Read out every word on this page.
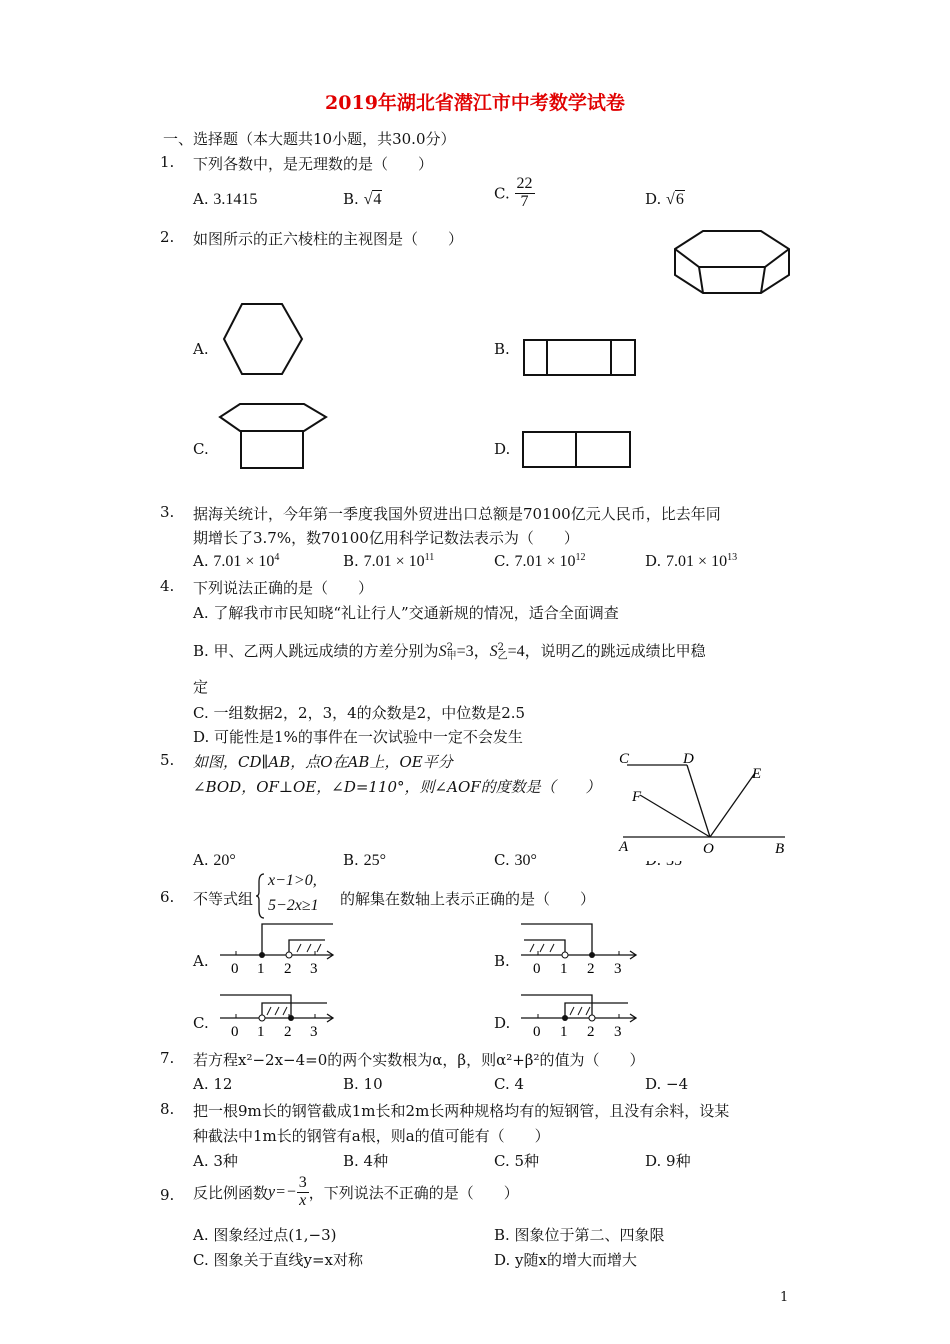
2019年湖北省潜江市中考数学试卷
一、选择题（本大题共10小题，共30.0分）
1. 下列各数中，是无理数的是（　　）
A. 3.1415	B. √4	C. $\frac{22}{7}$	D. √6
2. 如图所示的正六棱柱的主视图是（　　）
A.	B.
C.	D.
3. 据海关统计，今年第一季度我国外贸进出口总额是70100亿元人民币，比去年同
期增长了3.7%，数70100亿用科学记数法表示为（　　）
A. $7.01 \times 10^4$	B. $7.01 \times 10^{11}$	C. $7.01 \times 10^{12}$	D. $7.01 \times 10^{13}$
4. 下列说法正确的是（　　）
A. 了解我市市民知晓“礼让行人”交通新规的情况，适合全面调查
B. 甲、乙两人跳远成绩的方差分别为S 2
甲 =3，S 2
乙 =4，说明乙的跳远成绩比甲稳
定
C. 一组数据2，2，3，4的众数是2，中位数是2.5
D. 可能性是1%的事件在一次试验中一定不会发生
5. 如图，CD∥AB，点O在AB上，OE平分
∠BOD，OF⊥OE，∠D=110°，则∠AOF的度数是（　　）
A. 20°	B. 25°	C. 30°
C	D
E
F
A	O	B
6. 不等式组
x−1>0,
5−2x≥1 的解集在数轴上表示正确的是（　　）
A.	B.
C.	D.
0 1 2 3	0 1 2 3
0 1 2 3	0 1 2 3
7. 若方程x²−2x−4=0的两个实数根为α，β，则α²+β²的值为（　　）
A. 12	B. 10	C. 4	D. −4
8. 把一根9m长的钢管截成1m长和2m长两种规格均有的短钢管，且没有余料，设某
种截法中1m长的钢管有a根，则a的值可能有（　　）
A. 3种	B. 4种	C. 5种	D. 9种
9. 反比例函数$y=- \frac{3}{x}$ ，下列说法不正确的是（　　）
A. 图象经过点(1,−3)	B. 图象位于第二、四象限
C. 图象关于直线y=x对称	D. y随x的增大而增大
1
